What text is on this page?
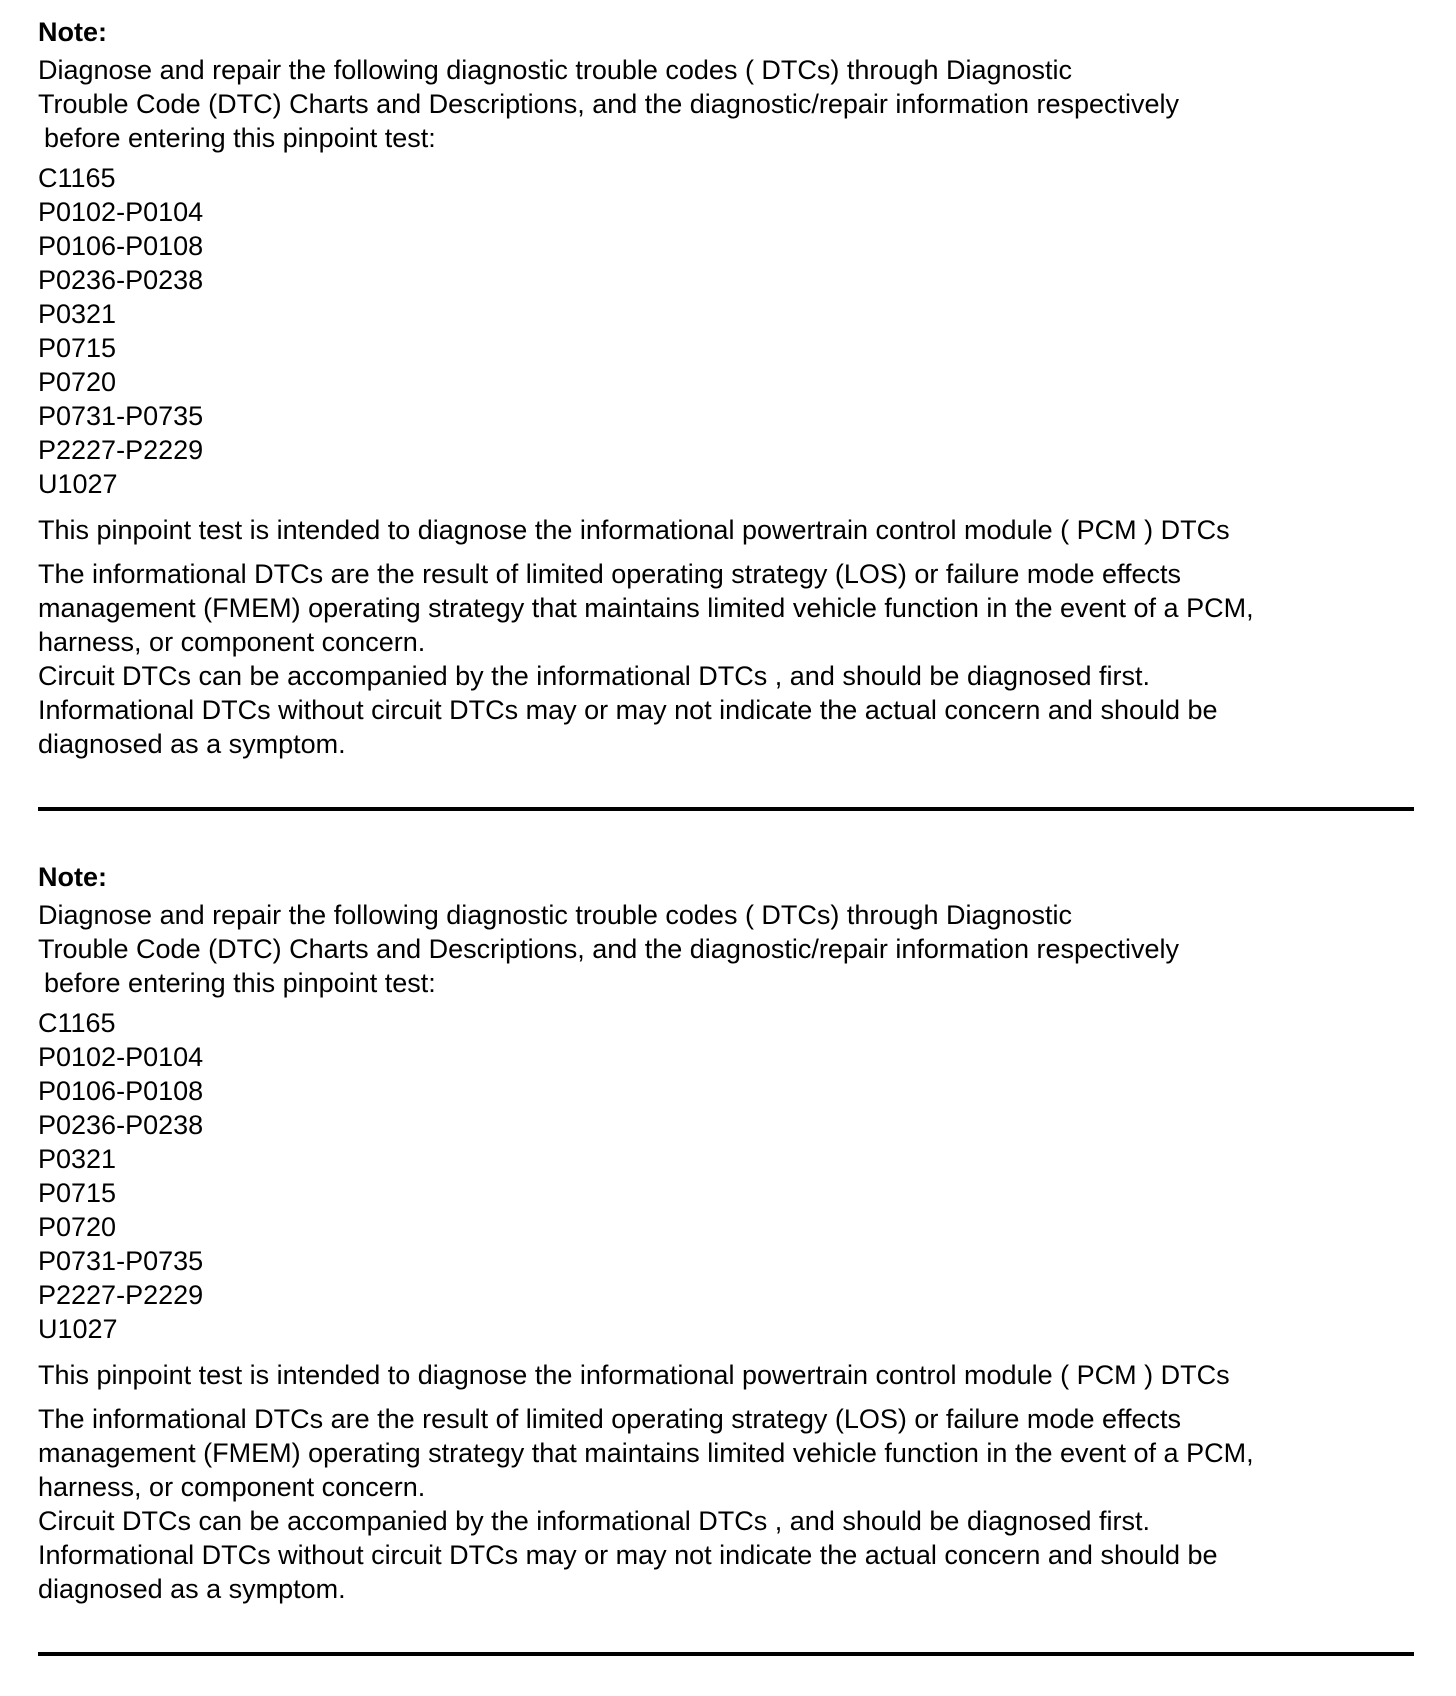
Note:

Diagnose and repair the following diagnostic trouble codes ( DTCs) through Diagnostic
Trouble Code (DTC) Charts and Descriptions, and the diagnostic/repair information respectively
before entering this pinpoint test:

C1165
P0102-P0104
P0106-P0108
P0236-P0238
P0321
P0715
P0720
P0731-P0735
P2227-P2229
U1027

This pinpoint test is intended to diagnose the informational powertrain control module ( PCM ) DTCs

The informational DTCs are the result of limited operating strategy (LOS) or failure mode effects
management (FMEM) operating strategy that maintains limited vehicle function in the event of a PCM,
harness, or component concern.

Circuit DTCs can be accompanied by the informational DTCs , and should be diagnosed first.

Informational DTCs without circuit DTCs may or may not indicate the actual concern and should be
diagnosed as a symptom.

Note:

Diagnose and repair the following diagnostic trouble codes ( DTCs) through Diagnostic
Trouble Code (DTC) Charts and Descriptions, and the diagnostic/repair information respectively
before entering this pinpoint test:

C1165
P0102-P0104
P0106-P0108
P0236-P0238
P0321
P0715
P0720
P0731-P0735
P2227-P2229
U1027

This pinpoint test is intended to diagnose the informational powertrain control module ( PCM ) DTCs

The informational DTCs are the result of limited operating strategy (LOS) or failure mode effects
management (FMEM) operating strategy that maintains limited vehicle function in the event of a PCM,
harness, or component concern.

Circuit DTCs can be accompanied by the informational DTCs , and should be diagnosed first.

Informational DTCs without circuit DTCs may or may not indicate the actual concern and should be
diagnosed as a symptom.
